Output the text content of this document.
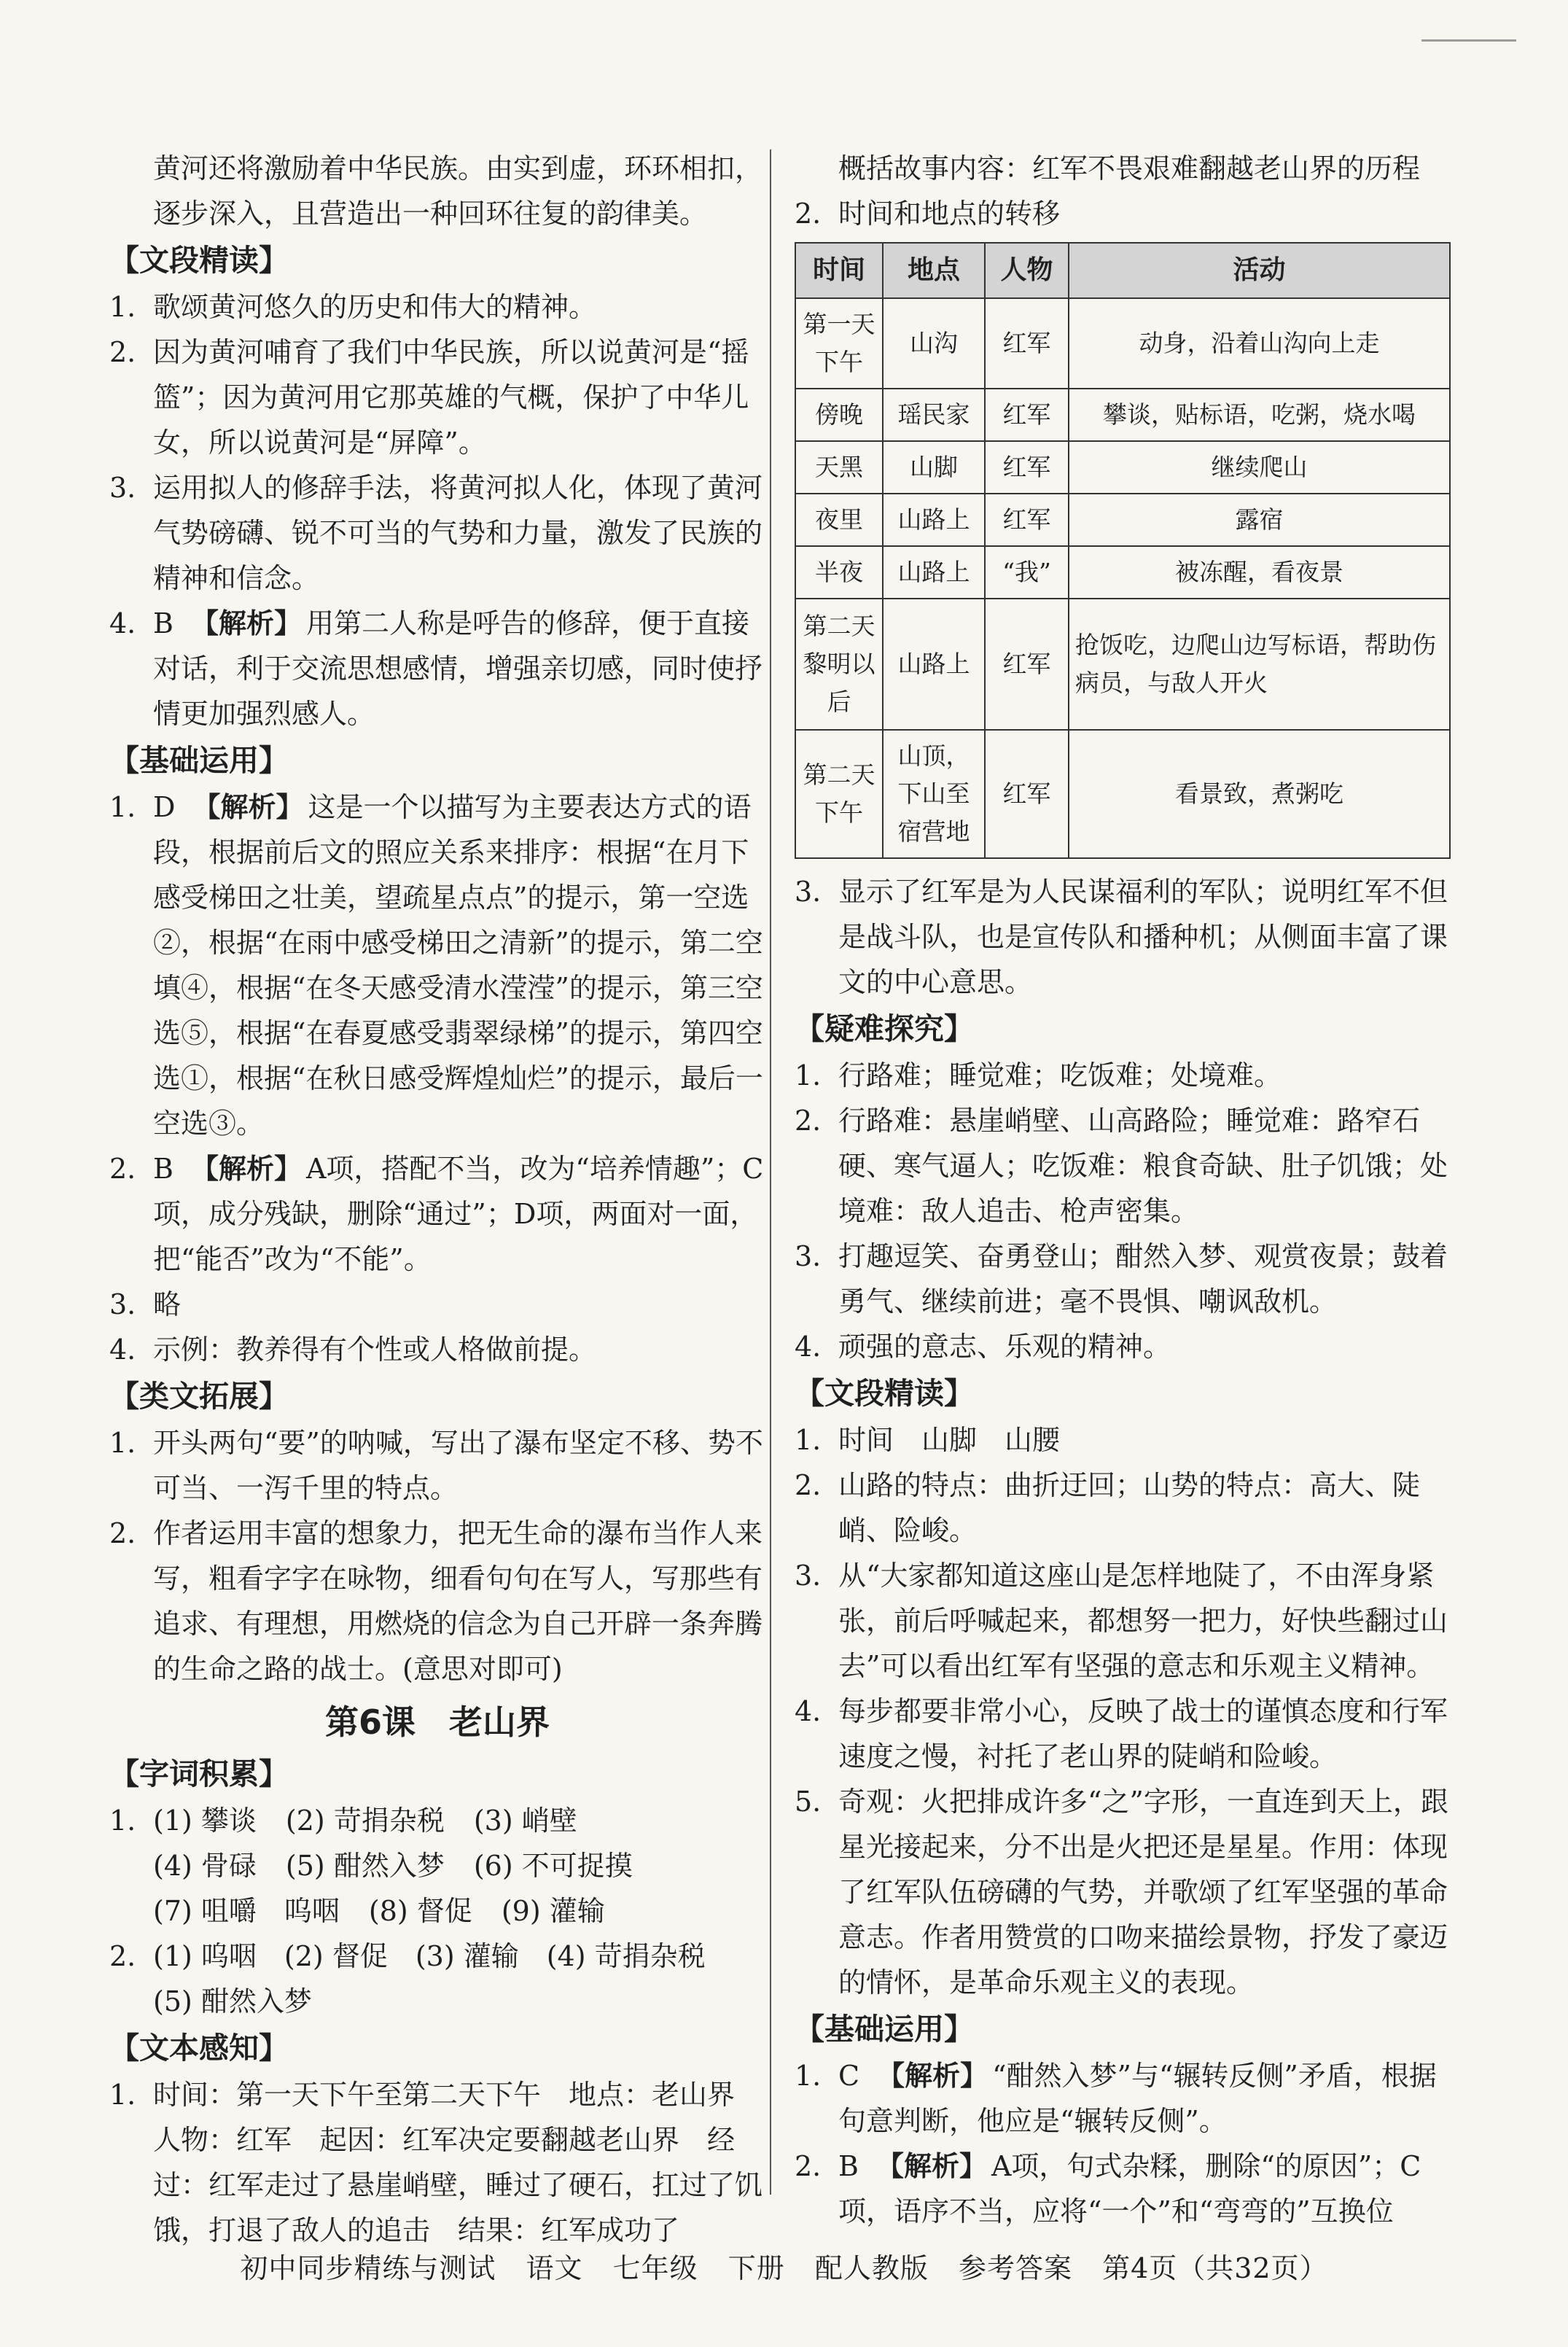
黄河还将激励着中华民族。由实到虚，环环相扣，逐步深入，且营造出一种回环往复的韵律美。

【文段精读】

1. 歌颂黄河悠久的历史和伟大的精神。
2. 因为黄河哺育了我们中华民族，所以说黄河是“摇篮”；因为黄河用它那英雄的气概，保护了中华儿女，所以说黄河是“屏障”。
3. 运用拟人的修辞手法，将黄河拟人化，体现了黄河气势磅礴、锐不可当的气势和力量，激发了民族的精神和信念。
4. B 【解析】 用第二人称是呼告的修辞，便于直接对话，利于交流思想感情，增强亲切感，同时使抒情更加强烈感人。

【基础运用】

1. D 【解析】 这是一个以描写为主要表达方式的语段，根据前后文的照应关系来排序：根据“在月下感受梯田之壮美，望疏星点点”的提示，第一空选②，根据“在雨中感受梯田之清新”的提示，第二空填④，根据“在冬天感受清水滢滢”的提示，第三空选⑤，根据“在春夏感受翡翠绿梯”的提示，第四空选①，根据“在秋日感受辉煌灿烂”的提示，最后一空选③。
2. B 【解析】 A项，搭配不当，改为“培养情趣”；C项，成分残缺，删除“通过”；D项，两面对一面，把“能否”改为“不能”。
3. 略
4. 示例：教养得有个性或人格做前提。

【类文拓展】

1. 开头两句“要”的呐喊，写出了瀑布坚定不移、势不可当、一泻千里的特点。
2. 作者运用丰富的想象力，把无生命的瀑布当作人来写，粗看字字在咏物，细看句句在写人，写那些有追求、有理想，用燃烧的信念为自己开辟一条奔腾的生命之路的战士。(意思对即可)

第6课　老山界

【字词积累】

1. (1) 攀谈 (2) 苛捐杂税 (3) 峭壁
(4) 骨碌 (5) 酣然入梦 (6) 不可捉摸
(7) 咀嚼　呜咽 (8) 督促 (9) 灌输
2. (1) 呜咽　(2) 督促　(3) 灌输　(4) 苛捐杂税　(5) 酣然入梦

【文本感知】

1. 时间：第一天下午至第二天下午　地点：老山界　人物：红军　起因：红军决定要翻越老山界　经过：红军走过了悬崖峭壁，睡过了硬石，扛过了饥饿，打退了敌人的追击　结果：红军成功了

概括故事内容：红军不畏艰难翻越老山界的历程

2. 时间和地点的转移
时间	地点	人物	活动
第一天下午	山沟	红军	动身，沿着山沟向上走
傍晚	瑶民家	红军	攀谈，贴标语，吃粥，烧水喝
天黑	山脚	红军	继续爬山
夜里	山路上	红军	露宿
半夜	山路上	“我”	被冻醒，看夜景
第二天黎明以后	山路上	红军	抢饭吃，边爬山边写标语，帮助伤病员，与敌人开火
第二天下午	山顶，下山至宿营地	红军	看景致，煮粥吃
3. 显示了红军是为人民谋福利的军队；说明红军不但是战斗队，也是宣传队和播种机；从侧面丰富了课文的中心意思。

【疑难探究】

1. 行路难；睡觉难；吃饭难；处境难。
2. 行路难：悬崖峭壁、山高路险；睡觉难：路窄石硬、寒气逼人；吃饭难：粮食奇缺、肚子饥饿；处境难：敌人追击、枪声密集。
3. 打趣逗笑、奋勇登山；酣然入梦、观赏夜景；鼓着勇气、继续前进；毫不畏惧、嘲讽敌机。
4. 顽强的意志、乐观的精神。

【文段精读】

1. 时间　山脚　山腰
2. 山路的特点：曲折迂回；山势的特点：高大、陡峭、险峻。
3. 从“大家都知道这座山是怎样地陡了，不由浑身紧张，前后呼喊起来，都想努一把力，好快些翻过山去”可以看出红军有坚强的意志和乐观主义精神。
4. 每步都要非常小心，反映了战士的谨慎态度和行军速度之慢，衬托了老山界的陡峭和险峻。
5. 奇观：火把排成许多“之”字形，一直连到天上，跟星光接起来，分不出是火把还是星星。作用：体现了红军队伍磅礴的气势，并歌颂了红军坚强的革命意志。作者用赞赏的口吻来描绘景物，抒发了豪迈的情怀，是革命乐观主义的表现。

【基础运用】

1. C 【解析】 “酣然入梦”与“辗转反侧”矛盾，根据句意判断，他应是“辗转反侧”。
2. B 【解析】 A项，句式杂糅，删除“的原因”；C项，语序不当，应将“一个”和“弯弯的”互换位
初中同步精练与测试 语文 七年级 下册 配人教版 参考答案 第4页（共32页）
